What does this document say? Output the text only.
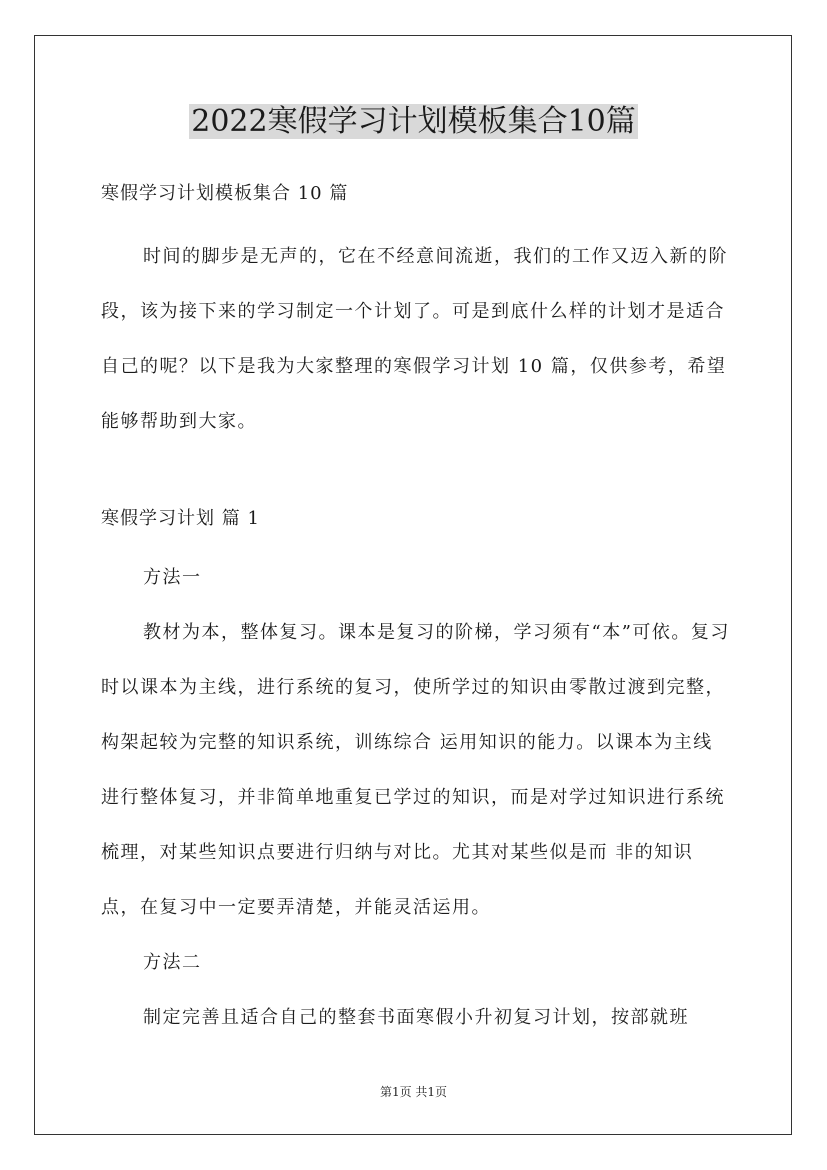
2022寒假学习计划模板集合10篇
寒假学习计划模板集合 10 篇

时间的脚步是无声的，它在不经意间流逝，我们的工作又迈入新的阶段，该为接下来的学习制定一个计划了。可是到底什么样的计划才是适合自己的呢？以下是我为大家整理的寒假学习计划 10 篇，仅供参考，希望能够帮助到大家。

寒假学习计划 篇 1

方法一

教材为本，整体复习。课本是复习的阶梯，学习须有“本”可依。复习时以课本为主线，进行系统的复习，使所学过的知识由零散过渡到完整，构架起较为完整的知识系统，训练综合 运用知识的能力。以课本为主线进行整体复习，并非简单地重复已学过的知识，而是对学过知识进行系统梳理，对某些知识点要进行归纳与对比。尤其对某些似是而 非的知识点，在复习中一定要弄清楚，并能灵活运用。

方法二

制定完善且适合自己的整套书面寒假小升初复习计划，按部就班

第1页 共1页
